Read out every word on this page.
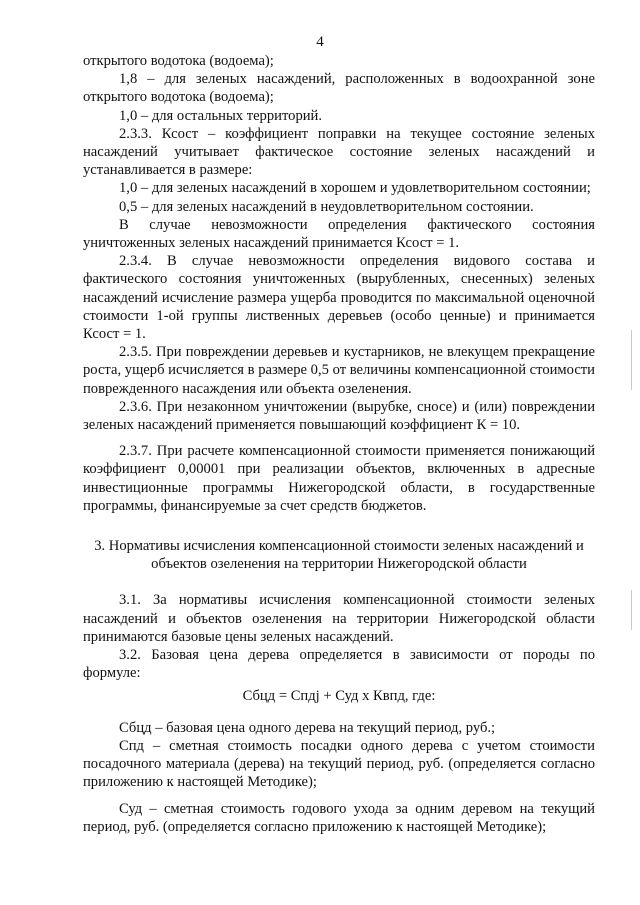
4

открытого водотока (водоема);

1,8 – для зеленых насаждений, расположенных в водоохранной зоне открытого водотока (водоема);

1,0 – для остальных территорий.

2.3.3. Ксост – коэффициент поправки на текущее состояние зеленых насаждений учитывает фактическое состояние зеленых насаждений и устанавливается в размере:

1,0 – для зеленых насаждений в хорошем и удовлетворительном состоянии;

0,5 – для зеленых насаждений в неудовлетворительном состоянии.

В случае невозможности определения фактического состояния уничтоженных зеленых насаждений принимается Ксост = 1.

2.3.4. В случае невозможности определения видового состава и фактического состояния уничтоженных (вырубленных, снесенных) зеленых насаждений исчисление размера ущерба проводится по максимальной оценочной стоимости 1-ой группы лиственных деревьев (особо ценные) и принимается Ксост = 1.

2.3.5. При повреждении деревьев и кустарников, не влекущем прекращение роста, ущерб исчисляется в размере 0,5 от величины компенсационной стоимости поврежденного насаждения или объекта озеленения.

2.3.6. При незаконном уничтожении (вырубке, сносе) и (или) повреждении зеленых насаждений применяется повышающий коэффициент К = 10.

2.3.7. При расчете компенсационной стоимости применяется понижающий коэффициент 0,00001 при реализации объектов, включенных в адресные инвестиционные программы Нижегородской области, в государственные программы, финансируемые за счет средств бюджетов.

3. Нормативы исчисления компенсационной стоимости зеленых насаждений и объектов озеленения на территории Нижегородской области

3.1. За нормативы исчисления компенсационной стоимости зеленых насаждений и объектов озеленения на территории Нижегородской области принимаются базовые цены зеленых насаждений.

3.2. Базовая цена дерева определяется в зависимости от породы по формуле:

Сбцд = Спдj + Суд х Квпд, где:

Сбцд – базовая цена одного дерева на текущий период, руб.;

Спд – сметная стоимость посадки одного дерева с учетом стоимости посадочного материала (дерева) на текущий период, руб. (определяется согласно приложению к настоящей Методике);

Суд – сметная стоимость годового ухода за одним деревом на текущий период, руб. (определяется согласно приложению к настоящей Методике);
